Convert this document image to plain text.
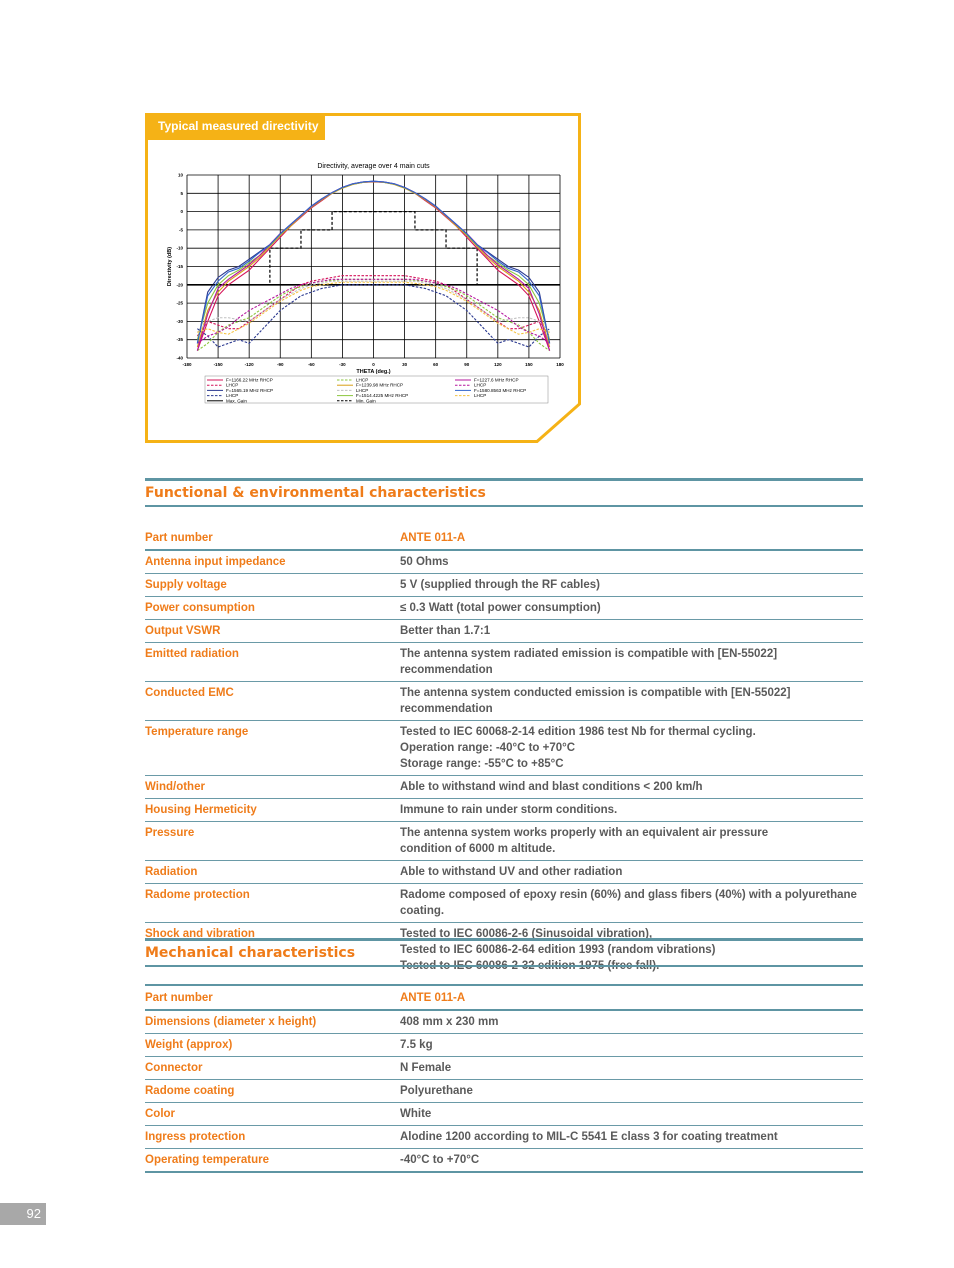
Typical measured directivity
Directivity, average over 4 main cuts
-180	-150	-120	-90	-60	-30	0	30	60	90	120	150	180
10
5
0
-5
-10
-15
-20
-25
-30
-35
-40
THETA (deg.)
Directivity (dB)
F=1166.22 MHz RHCP
LHCP
F=1565.19 MHz RHCP
LHCP
Max. Gain
LHCP
F=1239.98 MHz RHCP
LHCP
F=1514.4225 MHz RHCP
Min. Gain
F=1227.6 MHz RHCP
LHCP
F=1580.8563 MHz RHCP
LHCP
Functional & environmental characteristics
Part number	ANTE 011-A
Antenna input impedance	50 Ohms

Supply voltage	5 V (supplied through the RF cables)

Power consumption	≤ 0.3 Watt (total power consumption)

Output VSWR	Better than 1.7:1

Emitted radiation	The antenna system radiated emission is compatible with [EN-55022] recommendation

Conducted EMC	The antenna system conducted emission is compatible with [EN-55022] recommendation

Temperature range	Tested to IEC 60068-2-14 edition 1986 test Nb for thermal cycling.
Operation range: -40°C to +70°C
Storage range: -55°C to +85°C

Wind/other	Able to withstand wind and blast conditions < 200 km/h

Housing Hermeticity	Immune to rain under storm conditions.

Pressure	The antenna system works properly with an equivalent air pressure
condition of 6000 m altitude.

Radiation	Able to withstand UV and other radiation

Radome protection	Radome composed of epoxy resin (60%) and glass fibers (40%) with a polyurethane coating.

Shock and vibration	Tested to IEC 60086-2-6 (Sinusoidal vibration),
Tested to IEC 60086-2-64 edition 1993 (random vibrations)
Tested to IEC 60086-2-32 edition 1975 (free fall).
Mechanical characteristics
Part number	ANTE 011-A
Dimensions (diameter x height)	408 mm x 230 mm

Weight (approx)	7.5 kg

Connector	N Female

Radome coating	Polyurethane

Color	White

Ingress protection	Alodine 1200 according to MIL-C 5541 E class 3 for coating treatment

Operating temperature	-40°C to +70°C
92
